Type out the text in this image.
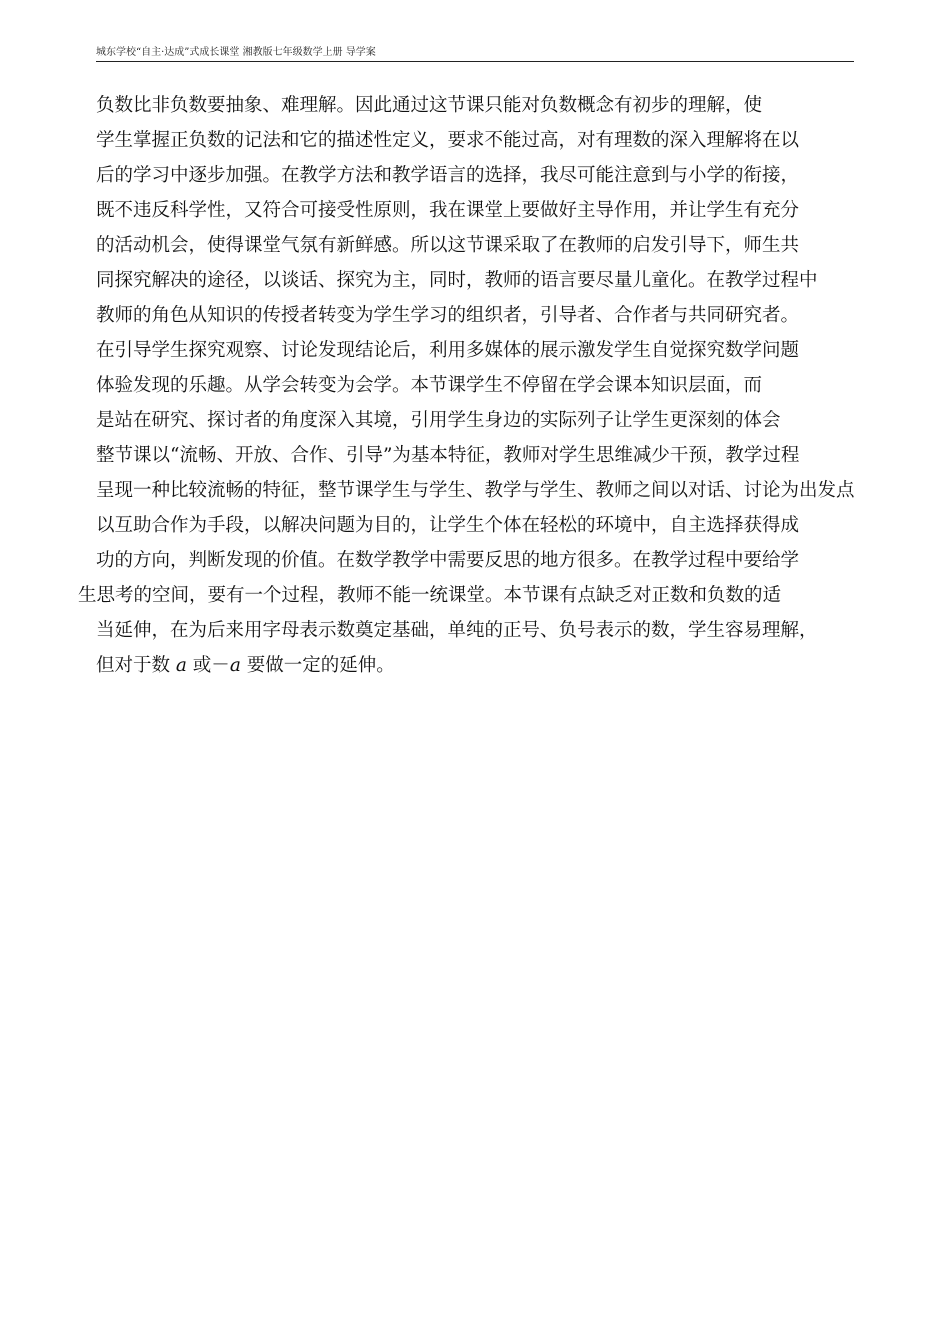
城东学校“自主·达成”式成长课堂 湘教版七年级数学上册 导学案
负数比非负数要抽象、难理解。因此通过这节课只能对负数概念有初步的理解，使
学生掌握正负数的记法和它的描述性定义，要求不能过高，对有理数的深入理解将在以
后的学习中逐步加强。在教学方法和教学语言的选择，我尽可能注意到与小学的衔接，
既不违反科学性，又符合可接受性原则，我在课堂上要做好主导作用，并让学生有充分
的活动机会，使得课堂气氛有新鲜感。所以这节课采取了在教师的启发引导下，师生共
同探究解决的途径，以谈话、探究为主，同时，教师的语言要尽量儿童化。在教学过程中
教师的角色从知识的传授者转变为学生学习的组织者，引导者、合作者与共同研究者。
在引导学生探究观察、讨论发现结论后，利用多媒体的展示激发学生自觉探究数学问题
体验发现的乐趣。从学会转变为会学。本节课学生不停留在学会课本知识层面，而
是站在研究、探讨者的角度深入其境，引用学生身边的实际列子让学生更深刻的体会
整节课以“流畅、开放、合作、引导”为基本特征，教师对学生思维减少干预，教学过程
呈现一种比较流畅的特征，整节课学生与学生、教学与学生、教师之间以对话、讨论为出发点
以互助合作为手段，以解决问题为目的，让学生个体在轻松的环境中，自主选择获得成
功的方向，判断发现的价值。在数学教学中需要反思的地方很多。在教学过程中要给学
生思考的空间，要有一个过程，教师不能一统课堂。本节课有点缺乏对正数和负数的适
当延伸，在为后来用字母表示数奠定基础，单纯的正号、负号表示的数，学生容易理解，
但对于数 a 或－a 要做一定的延伸。
